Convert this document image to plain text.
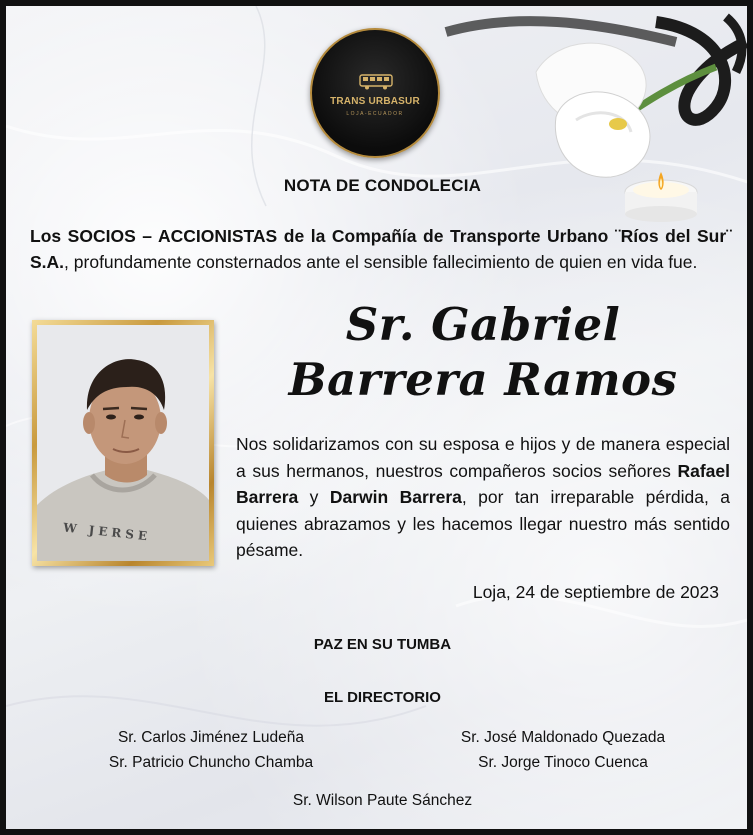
TRANS URBASUR
LOJA-ECUADOR
NOTA DE CONDOLECIA

Los SOCIOS – ACCIONISTAS de la Compañía de Transporte Urbano ¨Ríos del Sur¨ S.A., profundamente consternados ante el sensible fallecimiento de quien en vida fue.

W JERSE
Sr. Gabriel
Barrera Ramos

Nos solidarizamos con su esposa e hijos y de manera especial a sus hermanos, nuestros compañeros socios señores Rafael Barrera y Darwin Barrera, por tan irreparable pérdida, a quienes abrazamos y les hacemos llegar nuestro más sentido pésame.

Loja, 24 de septiembre de 2023
PAZ EN SU TUMBA
EL DIRECTORIO
Sr. Carlos Jiménez Ludeña
Sr. Patricio Chuncho Chamba
Sr. José Maldonado Quezada
Sr. Jorge Tinoco Cuenca
Sr. Wilson Paute Sánchez
